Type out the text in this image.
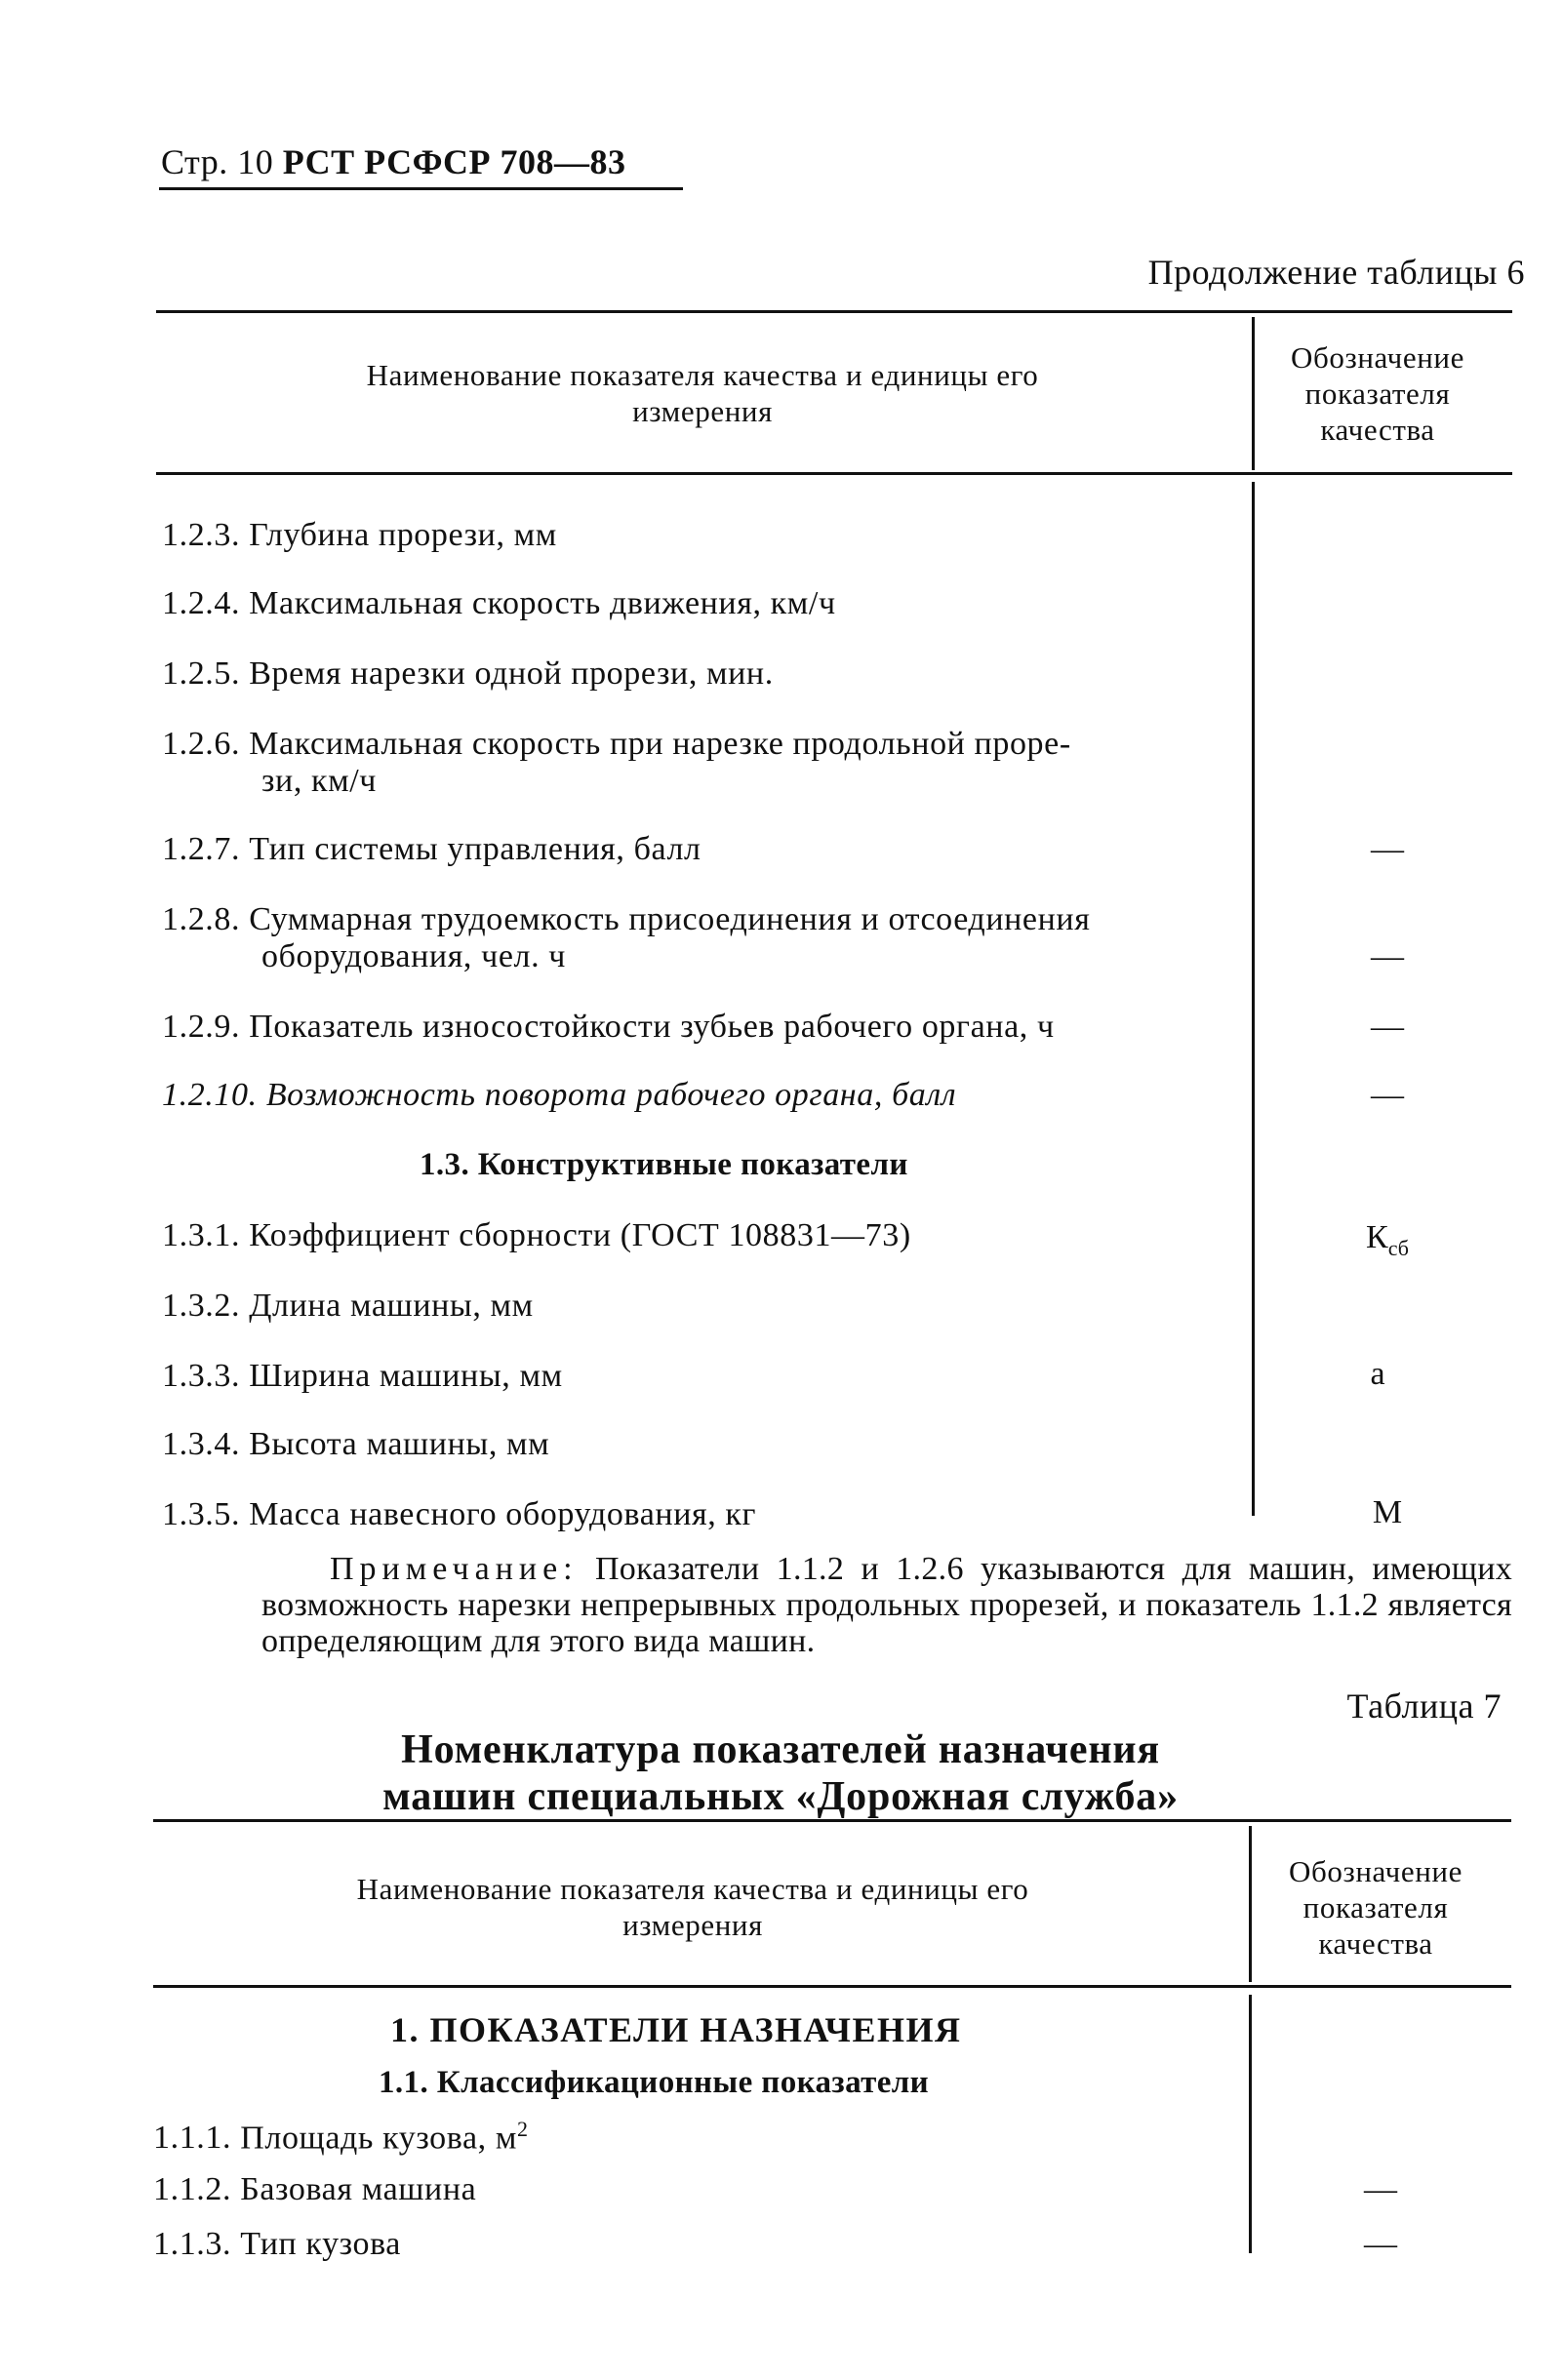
Стр. 10 РСТ РСФСР 708—83
Продолжение таблицы 6
Наименование показателя качества и единицы его измерения
Обозначение показателя качества
1.2.3. Глубина прорези, мм
1.2.4. Максимальная скорость движения, км/ч
1.2.5. Время нарезки одной прорези, мин.
1.2.6. Максимальная скорость при нарезке продольной проре-
зи, км/ч
1.2.7. Тип системы управления, балл	—
1.2.8. Суммарная трудоемкость присоединения и отсоединения
оборудования, чел. ч	—
1.2.9. Показатель износостойкости зубьев рабочего органа, ч	—
1.2.10. Возможность поворота рабочего органа, балл	—
1.3. Конструктивные показатели
1.3.1. Коэффициент сборности (ГОСТ 108831—73)	$К_{сб}$
1.3.2. Длина машины, мм
1.3.3. Ширина машины, мм	a
1.3.4. Высота машины, мм
1.3.5. Масса навесного оборудования, кг	M
Примечание: Показатели 1.1.2 и 1.2.6 указываются для машин, имеющих возможность нарезки непрерывных продольных прорезей, и показатель 1.1.2 является определяющим для этого вида машин.
Таблица 7
Номенклатура показателей назначения
машин специальных «Дорожная служба»
Наименование показателя качества и единицы его измерения
Обозначение показателя качества
1. ПОКАЗАТЕЛИ НАЗНАЧЕНИЯ
1.1. Классификационные показатели
1.1.1. Площадь кузова, $м^2$
1.1.2. Базовая машина	—
1.1.3. Тип кузова	—
